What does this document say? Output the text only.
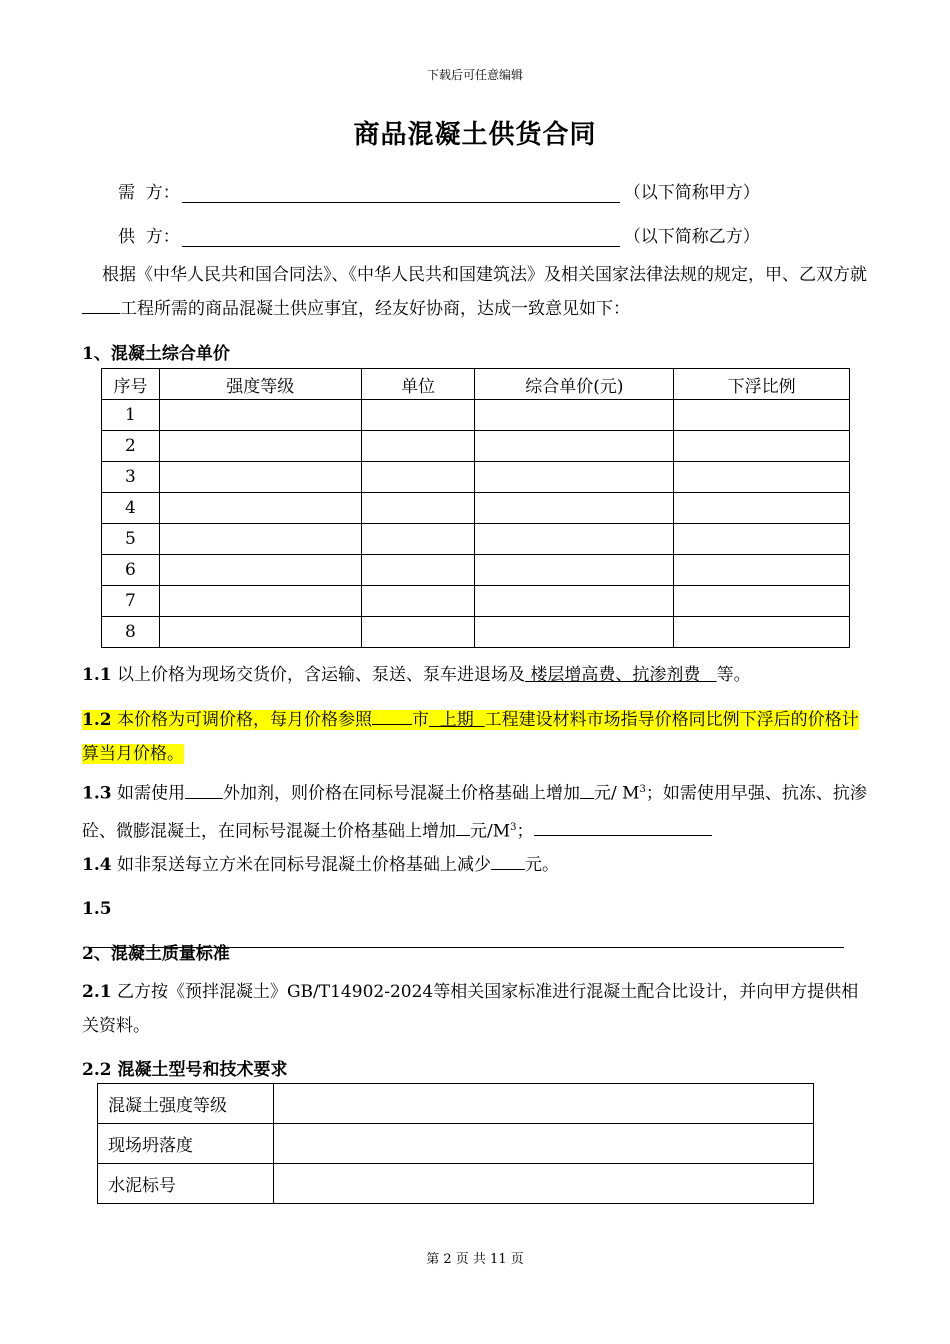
下载后可任意编辑
商品混凝土供货合同
需  方：	（以下简称甲方）
供  方：	（以下简称乙方）
根据《中华人民共和国合同法》、《中华人民共和国建筑法》及相关国家法律法规的规定，甲、乙双方就工程所需的商品混凝土供应事宜，经友好协商，达成一致意见如下：
1、混凝土综合单价
序号	强度等级	单位	综合单价(元)	下浮比例
1				
2				
3				
4				
5				
6				
7				
8				
1.1 以上价格为现场交货价，含运输、泵送、泵车进退场及 楼层增高费、抗渗剂费   等。
1.2 本价格为可调价格，每月价格参照 市  上期  工程建设材料市场指导价格同比例下浮后的价格计算当月价格。
1.3 如需使用 外加剂，则价格在同标号混凝土价格基础上增加 元/ $M^3$；如需使用早强、抗冻、抗渗砼、微膨混凝土，在同标号混凝土价格基础上增加 元$/M^3$；
1.4 如非泵送每立方米在同标号混凝土价格基础上减少 元。
1.5
2、混凝土质量标准
2.1 乙方按《预拌混凝土》GB/T14902-2024等相关国家标准进行混凝土配合比设计，并向甲方提供相关资料。
2.2 混凝土型号和技术要求
混凝土强度等级	
现场坍落度	
水泥标号	
第 2 页 共 11 页
